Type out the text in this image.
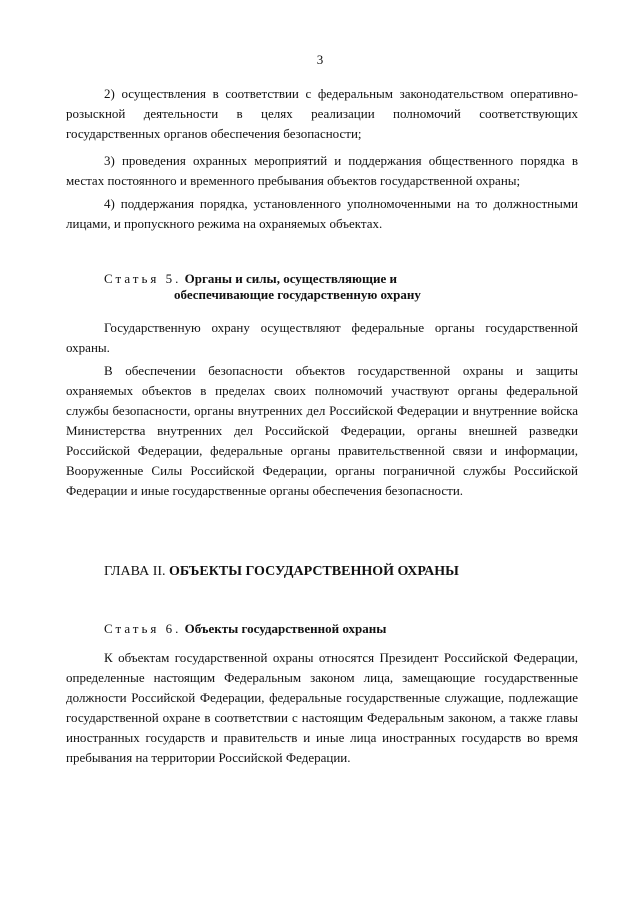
3
2) осуществления в соответствии с федеральным законодательством оперативно-розыскной деятельности в целях реализации полномочий соответствующих государственных органов обеспечения безопасности;
3) проведения охранных мероприятий и поддержания общественного порядка в местах постоянного и временного пребывания объектов государственной охраны;
4) поддержания порядка, установленного уполномоченными на то должностными лицами, и пропускного режима на охраняемых объектах.
Статья 5. Органы и силы, осуществляющие и
обеспечивающие государственную охрану
Государственную охрану осуществляют федеральные органы государственной охраны.
В обеспечении безопасности объектов государственной охраны и защиты охраняемых объектов в пределах своих полномочий участвуют органы федеральной службы безопасности, органы внутренних дел Российской Федерации и внутренние войска Министерства внутренних дел Российской Федерации, органы внешней разведки Российской Федерации, федеральные органы правительственной связи и информации, Вооруженные Силы Российской Федерации, органы пограничной службы Российской Федерации и иные государственные органы обеспечения безопасности.
ГЛАВА II. ОБЪЕКТЫ ГОСУДАРСТВЕННОЙ ОХРАНЫ
Статья 6. Объекты государственной охраны
К объектам государственной охраны относятся Президент Российской Федерации, определенные настоящим Федеральным законом лица, замещающие государственные должности Российской Федерации, федеральные государственные служащие, подлежащие государственной охране в соответствии с настоящим Федеральным законом, а также главы иностранных государств и правительств и иные лица иностранных государств во время пребывания на территории Российской Федерации.
